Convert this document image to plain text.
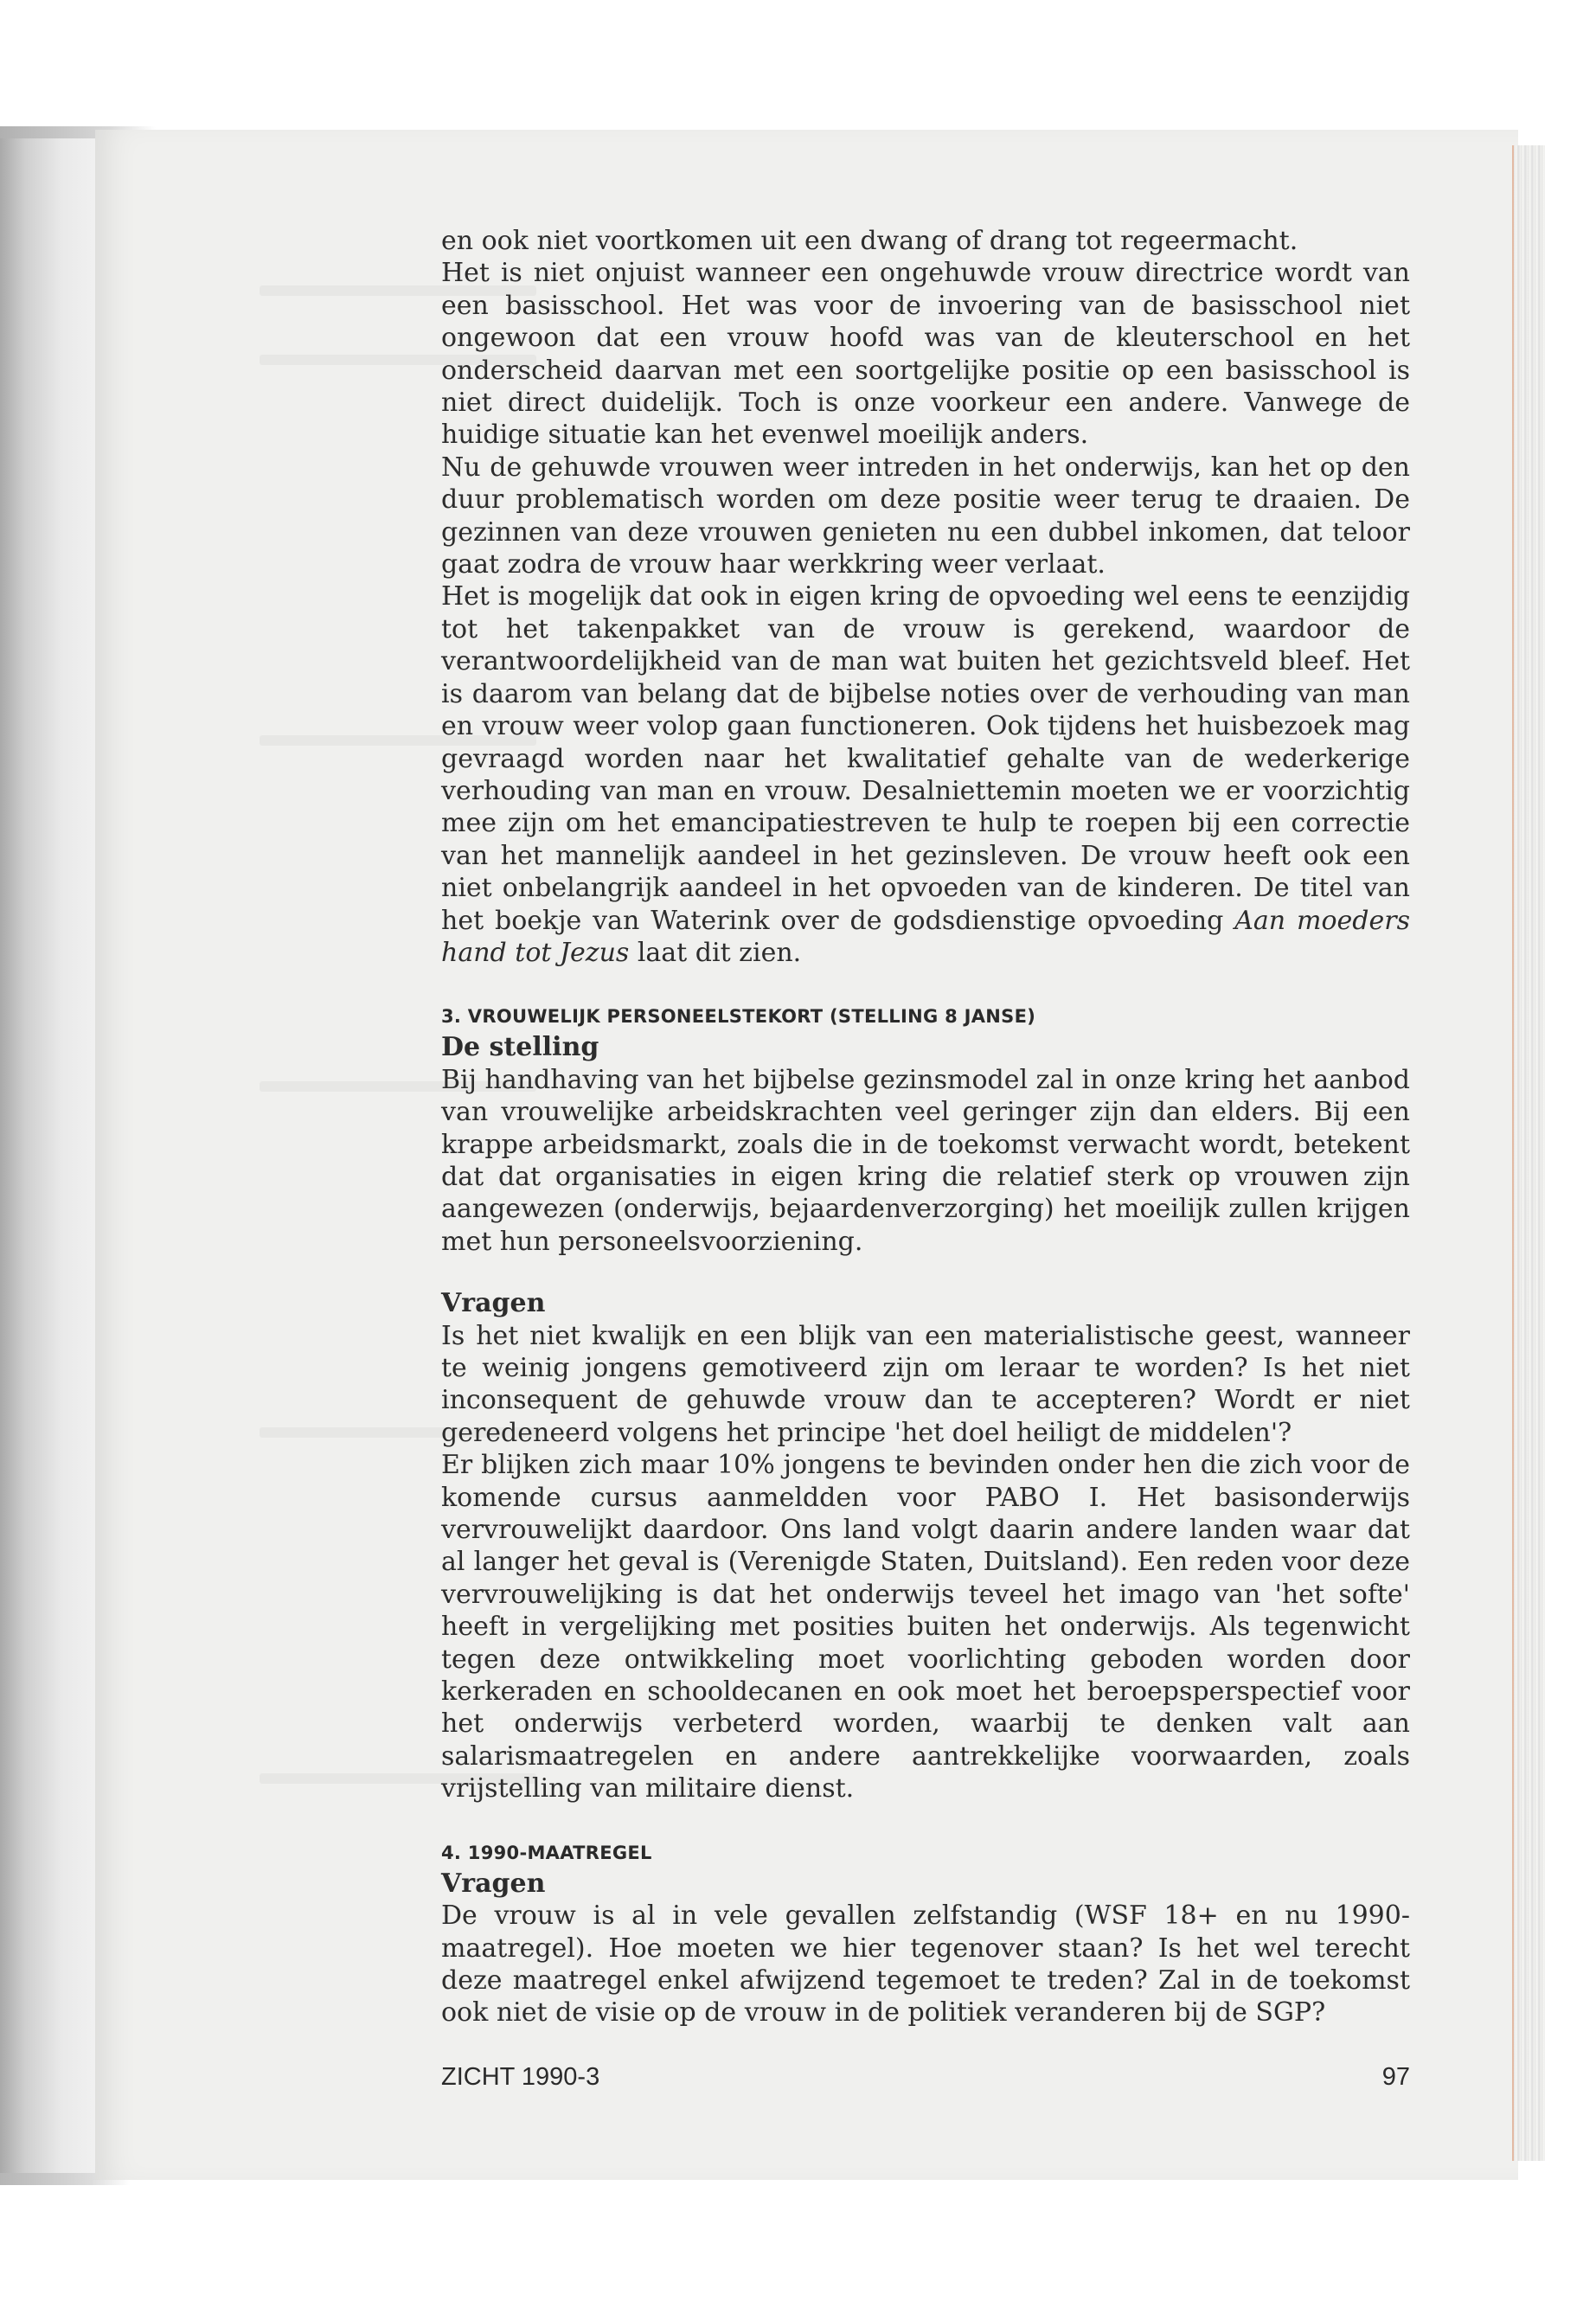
en ook niet voortkomen uit een dwang of drang tot regeermacht.

Het is niet onjuist wanneer een ongehuwde vrouw directrice wordt van een basisschool. Het was voor de invoering van de basisschool niet ongewoon dat een vrouw hoofd was van de kleuterschool en het onderscheid daarvan met een soortgelijke positie op een basisschool is niet direct duidelijk. Toch is onze voorkeur een andere. Vanwege de huidige situatie kan het evenwel moeilijk anders.

Nu de gehuwde vrouwen weer intreden in het onderwijs, kan het op den duur problematisch worden om deze positie weer terug te draaien. De gezinnen van deze vrouwen genieten nu een dubbel inkomen, dat teloor gaat zodra de vrouw haar werkkring weer verlaat.

Het is mogelijk dat ook in eigen kring de opvoeding wel eens te eenzijdig tot het takenpakket van de vrouw is gerekend, waardoor de verantwoordelijkheid van de man wat buiten het gezichtsveld bleef. Het is daarom van belang dat de bijbelse noties over de verhouding van man en vrouw weer volop gaan functioneren. Ook tijdens het huisbezoek mag gevraagd worden naar het kwalitatief gehalte van de wederkerige verhouding van man en vrouw. Desalniettemin moeten we er voorzichtig mee zijn om het emancipatiestreven te hulp te roepen bij een correctie van het mannelijk aandeel in het gezinsleven. De vrouw heeft ook een niet onbelangrijk aandeel in het opvoeden van de kinderen. De titel van het boekje van Waterink over de godsdienstige opvoeding Aan moeders hand tot Jezus laat dit zien.

3. VROUWELIJK PERSONEELSTEKORT (STELLING 8 JANSE)

De stelling

Bij handhaving van het bijbelse gezinsmodel zal in onze kring het aanbod van vrouwelijke arbeidskrachten veel geringer zijn dan elders. Bij een krappe arbeidsmarkt, zoals die in de toekomst verwacht wordt, betekent dat dat organisaties in eigen kring die relatief sterk op vrouwen zijn aangewezen (onderwijs, bejaardenverzorging) het moeilijk zullen krijgen met hun personeelsvoorziening.

Vragen

Is het niet kwalijk en een blijk van een materialistische geest, wanneer te weinig jongens gemotiveerd zijn om leraar te worden? Is het niet inconsequent de gehuwde vrouw dan te accepteren? Wordt er niet geredeneerd volgens het principe 'het doel heiligt de middelen'?

Er blijken zich maar 10% jongens te bevinden onder hen die zich voor de komende cursus aanmeldden voor PABO I. Het basisonderwijs vervrouwelijkt daardoor. Ons land volgt daarin andere landen waar dat al langer het geval is (Verenigde Staten, Duitsland). Een reden voor deze vervrouwelijking is dat het onderwijs teveel het imago van 'het softe' heeft in vergelijking met posities buiten het onderwijs. Als tegenwicht tegen deze ontwikkeling moet voorlichting geboden worden door kerkeraden en schooldecanen en ook moet het beroepsperspectief voor het onderwijs verbeterd worden, waarbij te denken valt aan salarismaatregelen en andere aantrekkelijke voorwaarden, zoals vrijstelling van militaire dienst.

4. 1990-MAATREGEL

Vragen

De vrouw is al in vele gevallen zelfstandig (WSF 18+ en nu 1990-maatregel). Hoe moeten we hier tegenover staan? Is het wel terecht deze maatregel enkel afwijzend tegemoet te treden? Zal in de toekomst ook niet de visie op de vrouw in de politiek veranderen bij de SGP?

ZICHT 1990-3	97
